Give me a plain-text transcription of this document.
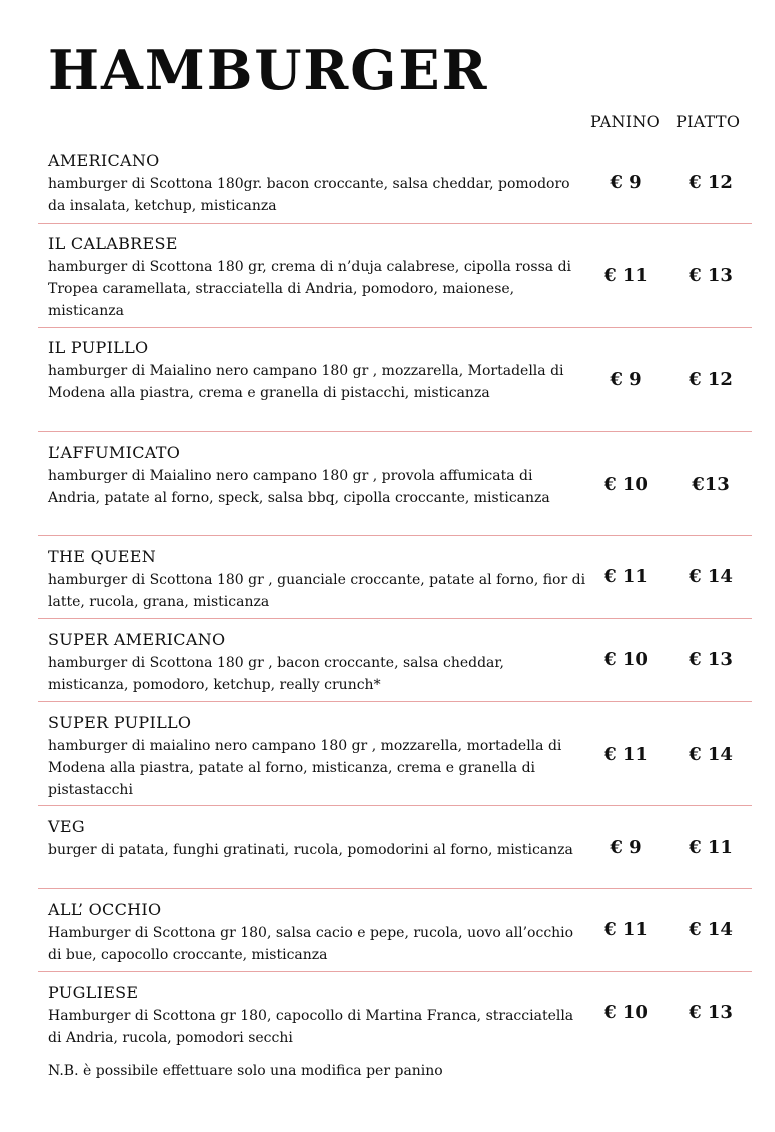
HAMBURGER
PANINO PIATTO
AMERICANO
hamburger di Scottona 180gr. bacon croccante, salsa cheddar, pomodoro da insalata, ketchup, misticanza
€ 9	€ 12
IL CALABRESE
hamburger di Scottona 180 gr, crema di n’duja calabrese, cipolla rossa di Tropea caramellata, stracciatella di Andria, pomodoro, maionese, misticanza
€ 11	€ 13
IL PUPILLO
hamburger di Maialino nero campano 180 gr , mozzarella, Mortadella di Modena alla piastra, crema e granella di pistacchi, misticanza
€ 9	€ 12
L’AFFUMICATO
hamburger di Maialino nero campano 180 gr , provola affumicata di Andria, patate al forno, speck, salsa bbq, cipolla croccante, misticanza
€ 10	€13
THE QUEEN
hamburger di Scottona 180 gr , guanciale croccante, patate al forno, fior di latte, rucola, grana, misticanza
€ 11	€ 14
SUPER AMERICANO
hamburger di Scottona 180 gr , bacon croccante, salsa cheddar, misticanza, pomodoro, ketchup, really crunch*
€ 10	€ 13
SUPER PUPILLO
hamburger di maialino nero campano 180 gr , mozzarella, mortadella di Modena alla piastra, patate al forno, misticanza, crema e granella di pistastacchi
€ 11	€ 14
VEG
burger di patata, funghi gratinati, rucola, pomodorini al forno, misticanza	€ 9	€ 11
ALL’ OCCHIO
Hamburger di Scottona gr 180, salsa cacio e pepe, rucola, uovo all’occhio di bue, capocollo croccante, misticanza
€ 11	€ 14
PUGLIESE
Hamburger di Scottona gr 180, capocollo di Martina Franca, stracciatella di Andria, rucola, pomodori secchi
€ 10	€ 13
N.B. è possibile effettuare solo una modifica per panino
